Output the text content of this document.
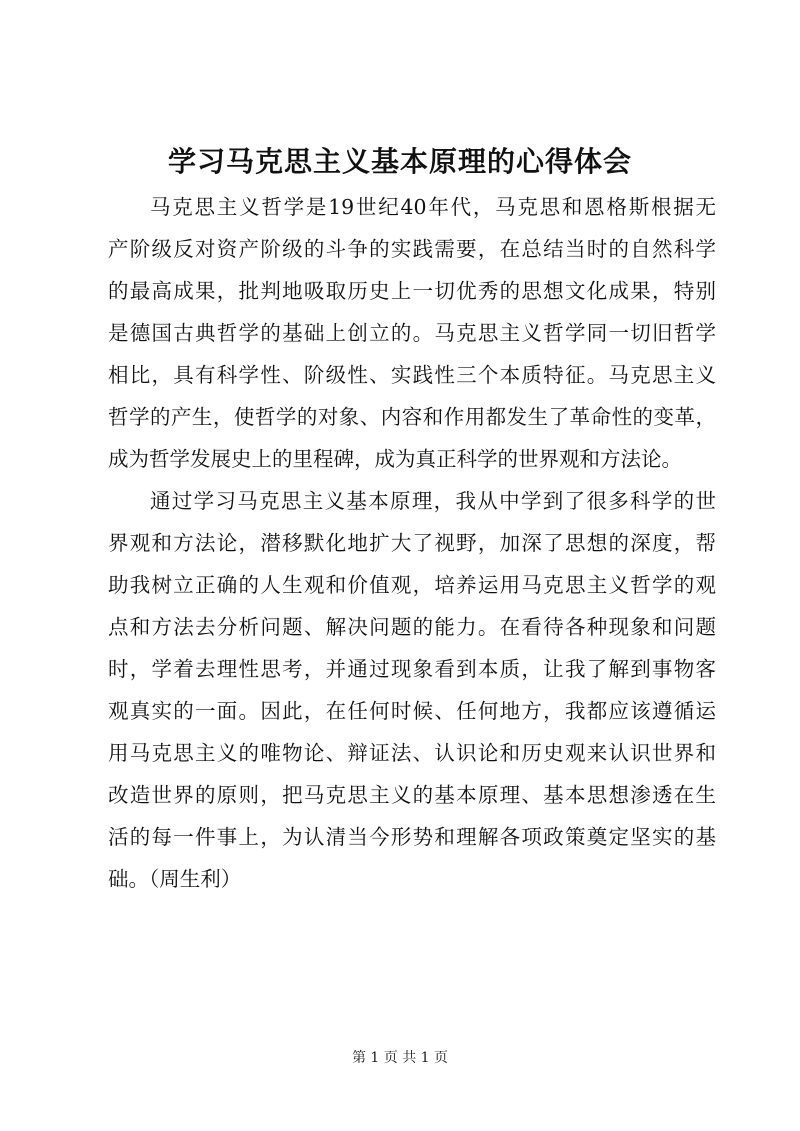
学习马克思主义基本原理的心得体会
马克思主义哲学是19世纪40年代，马克思和恩格斯根据无
产阶级反对资产阶级的斗争的实践需要，在总结当时的自然科学
的最高成果，批判地吸取历史上一切优秀的思想文化成果，特别
是德国古典哲学的基础上创立的。马克思主义哲学同一切旧哲学
相比，具有科学性、阶级性、实践性三个本质特征。马克思主义
哲学的产生，使哲学的对象、内容和作用都发生了革命性的变革，
成为哲学发展史上的里程碑，成为真正科学的世界观和方法论。
通过学习马克思主义基本原理，我从中学到了很多科学的世
界观和方法论，潜移默化地扩大了视野，加深了思想的深度，帮
助我树立正确的人生观和价值观，培养运用马克思主义哲学的观
点和方法去分析问题、解决问题的能力。在看待各种现象和问题
时，学着去理性思考，并通过现象看到本质，让我了解到事物客
观真实的一面。因此，在任何时候、任何地方，我都应该遵循运
用马克思主义的唯物论、辩证法、认识论和历史观来认识世界和
改造世界的原则，把马克思主义的基本原理、基本思想渗透在生
活的每一件事上，为认清当今形势和理解各项政策奠定坚实的基
础。（周生利）
第 1 页 共 1 页
